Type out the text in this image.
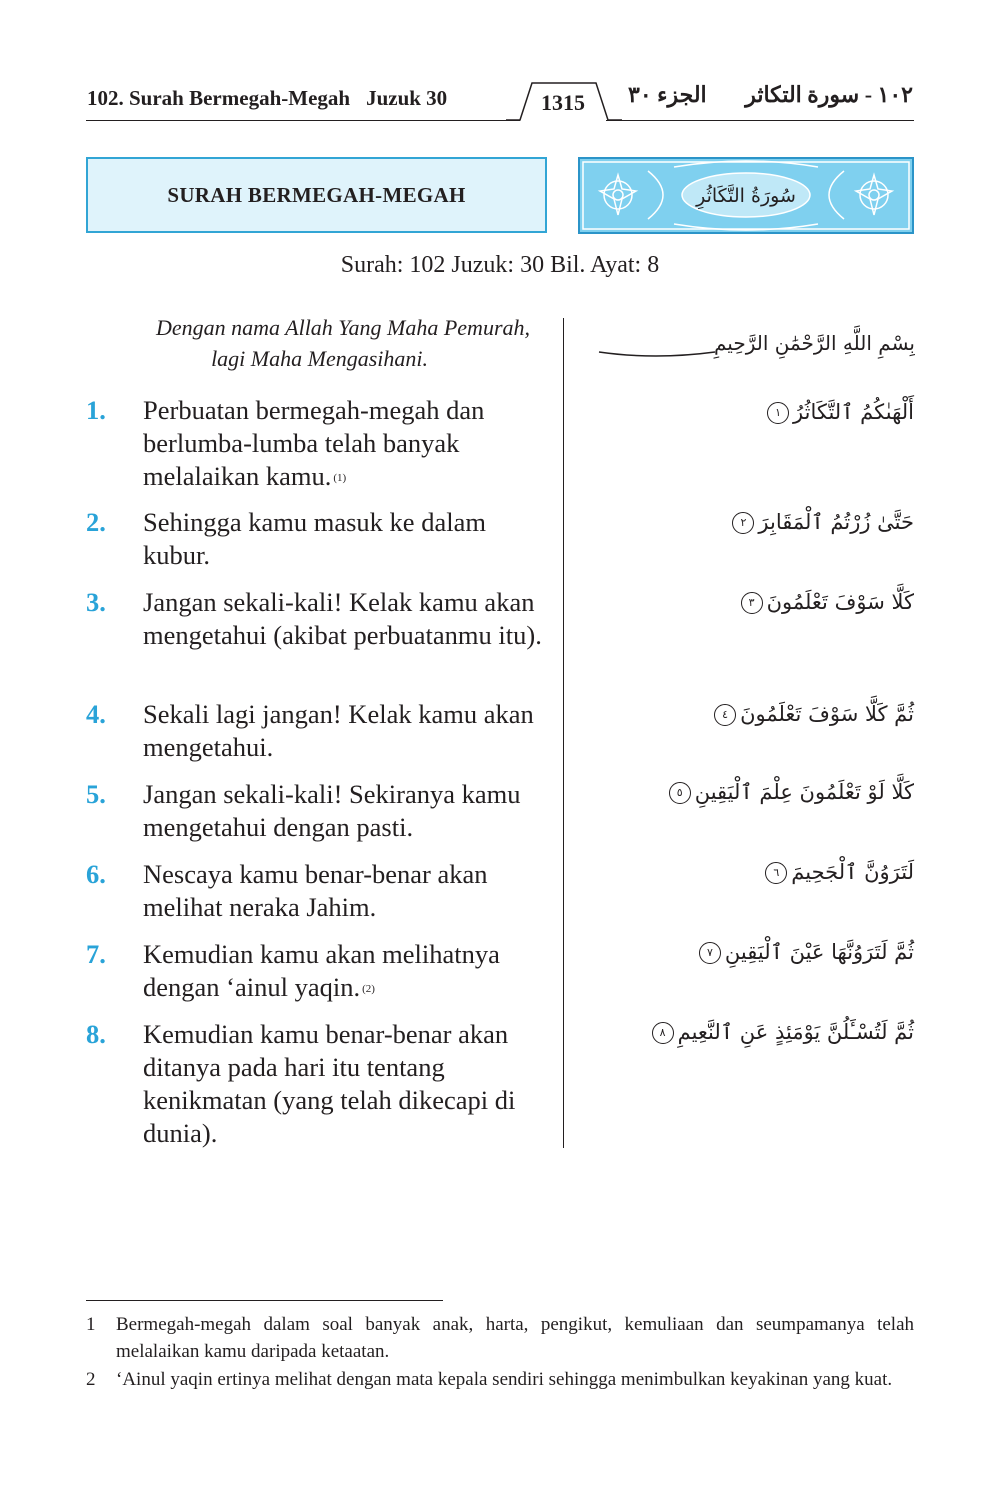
102. Surah Bermegah-Megah Juzuk 30	1315	الجزء ٣٠ ١٠٢ - سورة التكاثر
SURAH BERMEGAH-MEGAH	سُورَةُ التَّكَاثُرِ
Surah: 102 Juzuk: 30 Bil. Ayat: 8
Dengan nama Allah Yang Maha Pemurah,
lagi Maha Mengasihani.
بِسْمِ اللَّهِ الرَّحْمَٰنِ الرَّحِيمِ
1.	Perbuatan bermegah-megah dan berlumba-lumba telah banyak melalaikan kamu. $^{(1)}$
أَلْهَىٰكُمُ ٱلتَّكَاثُرُ١
2.	Sehingga kamu masuk ke dalam kubur.
حَتَّىٰ زُرْتُمُ ٱلْمَقَابِرَ٢
3.	Jangan sekali-kali! Kelak kamu akan mengetahui (akibat perbuatanmu itu).
كَلَّا سَوْفَ تَعْلَمُونَ٣
4.	Sekali lagi jangan! Kelak kamu akan mengetahui.
ثُمَّ كَلَّا سَوْفَ تَعْلَمُونَ٤
5.	Jangan sekali-kali! Sekiranya kamu mengetahui dengan pasti.
كَلَّا لَوْ تَعْلَمُونَ عِلْمَ ٱلْيَقِينِ٥
6.	Nescaya kamu benar-benar akan melihat neraka Jahim.
لَتَرَوُنَّ ٱلْجَحِيمَ٦
7.	Kemudian kamu akan melihatnya dengan ‘ainul yaqin. $^{(2)}$
ثُمَّ لَتَرَوُنَّهَا عَيْنَ ٱلْيَقِينِ٧
8.	Kemudian kamu benar-benar akan ditanya pada hari itu tentang kenikmatan (yang telah dikecapi di dunia).
ثُمَّ لَتُسْـَٔلُنَّ يَوْمَئِذٍ عَنِ ٱلنَّعِيمِ٨
1 Bermegah-megah dalam soal banyak anak, harta, pengikut, kemuliaan dan seumpamanya telah melalaikan kamu daripada ketaatan.
2 ‘Ainul yaqin ertinya melihat dengan mata kepala sendiri sehingga menimbulkan keyakinan yang kuat.
